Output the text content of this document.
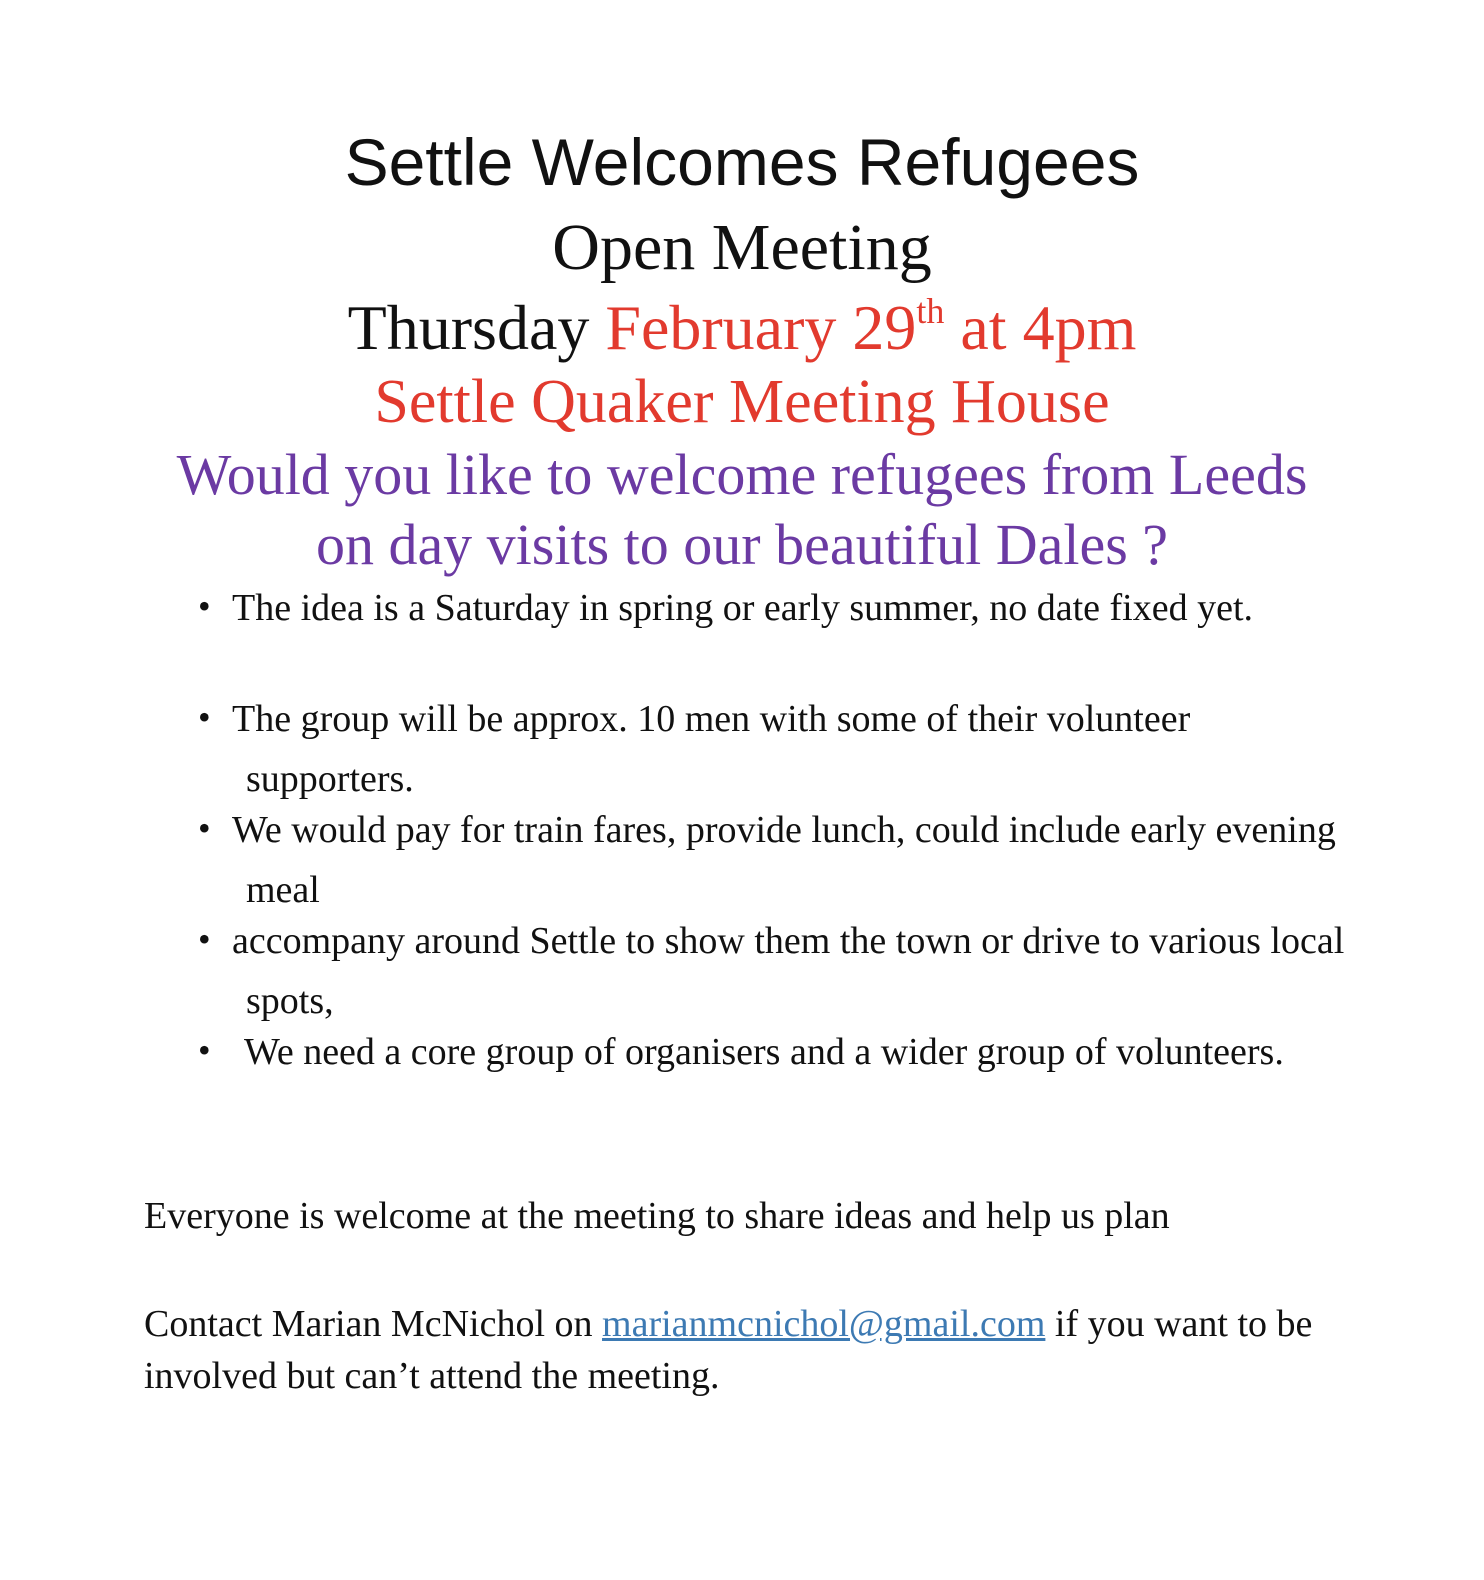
Settle Welcomes Refugees
Open Meeting
Thursday February 29th at 4pm
Settle Quaker Meeting House
Would you like to welcome refugees from Leeds
on day visits to our beautiful Dales ?
• The idea is a Saturday in spring or early summer, no date fixed yet.
• The group will be approx. 10 men with some of their volunteer supporters.
• We would pay for train fares, provide lunch, could include early evening meal
• accompany around Settle to show them the town or drive to various local spots,
• We need a core group of organisers and a wider group of volunteers.
Everyone is welcome at the meeting to share ideas and help us plan
Contact Marian McNichol on marianmcnichol@gmail.com if you want to be involved but can’t attend the meeting.
